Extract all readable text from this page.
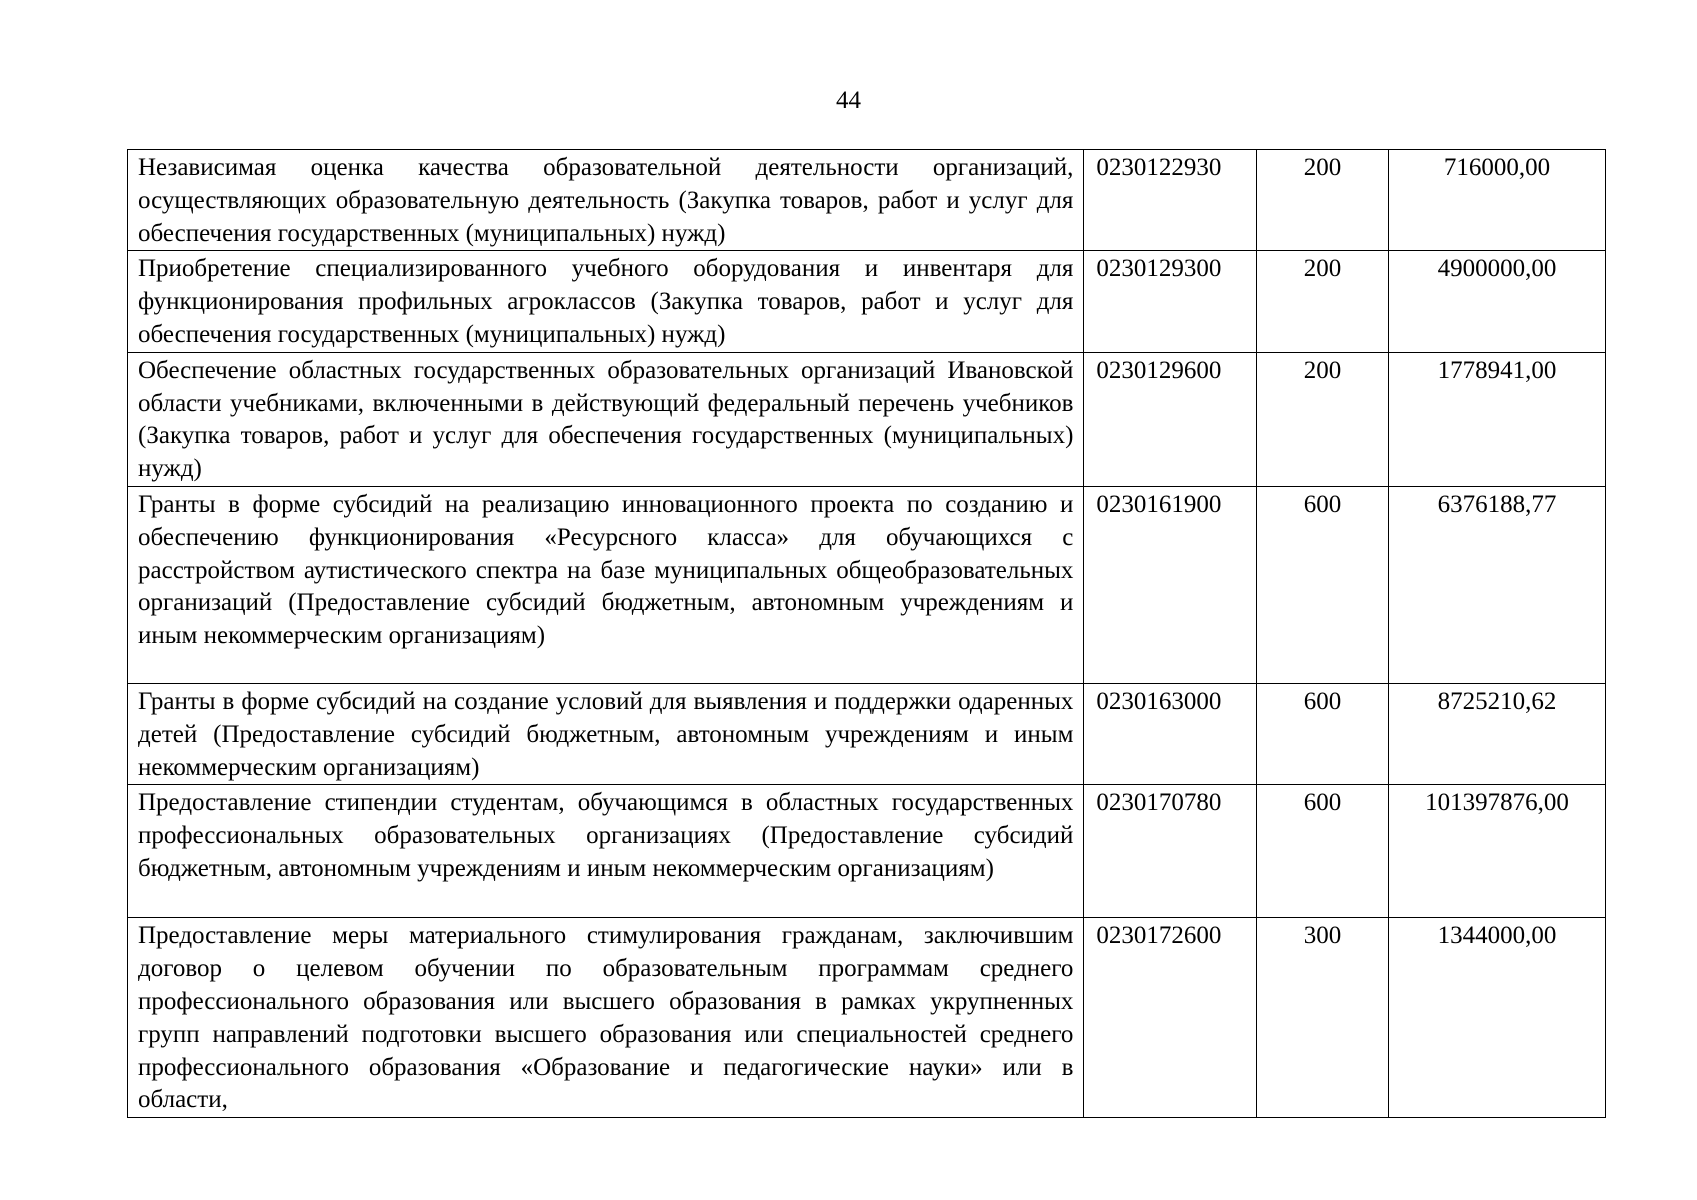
44
Независимая оценка качества образовательной деятельности организаций, осуществляющих образовательную деятельность (Закупка товаров, работ и услуг для обеспечения государственных (муниципальных) нужд)	0230122930	200	716000,00
Приобретение специализированного учебного оборудования и инвентаря для функционирования профильных агроклассов (Закупка товаров, работ и услуг для обеспечения государственных (муниципальных) нужд)	0230129300	200	4900000,00
Обеспечение областных государственных образовательных организаций Ивановской области учебниками, включенными в действующий федеральный перечень учебников (Закупка товаров, работ и услуг для обеспечения государственных (муниципальных) нужд)	0230129600	200	1778941,00
Гранты в форме субсидий на реализацию инновационного проекта по созданию и обеспечению функционирования «Ресурсного класса» для обучающихся с расстройством аутистического спектра на базе муниципальных общеобразовательных организаций (Предоставление субсидий бюджетным, автономным учреждениям и иным некоммерческим организациям)	0230161900	600	6376188,77
Гранты в форме субсидий на создание условий для выявления и поддержки одаренных детей (Предоставление субсидий бюджетным, автономным учреждениям и иным некоммерческим организациям)	0230163000	600	8725210,62
Предоставление стипендии студентам, обучающимся в областных государственных профессиональных образовательных организациях (Предоставление субсидий бюджетным, автономным учреждениям и иным некоммерческим организациям)	0230170780	600	101397876,00
Предоставление меры материального стимулирования гражданам, заключившим договор о целевом обучении по образовательным программам среднего профессионального образования или высшего образования в рамках укрупненных групп направлений подготовки высшего образования или специальностей среднего профессионального образования «Образование и педагогические науки» или в области,	0230172600	300	1344000,00
